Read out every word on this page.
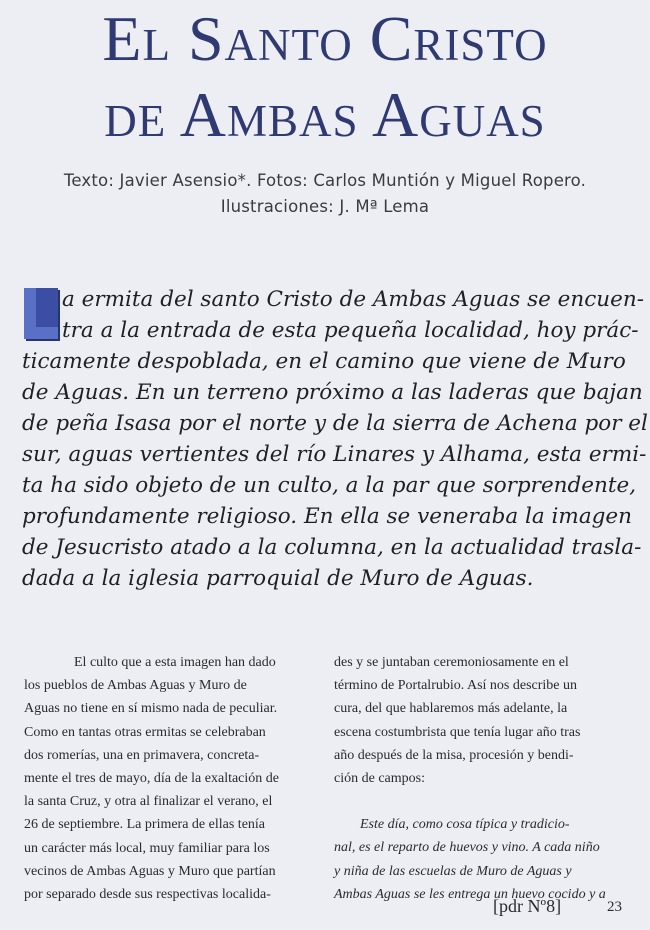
El Santo Cristo
de Ambas Aguas
Texto: Javier Asensio*. Fotos: Carlos Muntión y Miguel Ropero.
Ilustraciones: J. Mª Lema
a ermita del santo Cristo de Ambas Aguas se encuen-
tra a la entrada de esta pequeña localidad, hoy prác-
ticamente despoblada, en el camino que viene de Muro
de Aguas. En un terreno próximo a las laderas que bajan
de peña Isasa por el norte y de la sierra de Achena por el
sur, aguas vertientes del río Linares y Alhama, esta ermi-
ta ha sido objeto de un culto, a la par que sorprendente,
profundamente religioso. En ella se veneraba la imagen
de Jesucristo atado a la columna, en la actualidad trasla-
dada a la iglesia parroquial de Muro de Aguas.
El culto que a esta imagen han dado
los pueblos de Ambas Aguas y Muro de
Aguas no tiene en sí mismo nada de peculiar.
Como en tantas otras ermitas se celebraban
dos romerías, una en primavera, concreta-
mente el tres de mayo, día de la exaltación de
la santa Cruz, y otra al finalizar el verano, el
26 de septiembre. La primera de ellas tenía
un carácter más local, muy familiar para los
vecinos de Ambas Aguas y Muro que partían
por separado desde sus respectivas localida-
des y se juntaban ceremoniosamente en el
término de Portalrubio. Así nos describe un
cura, del que hablaremos más adelante, la
escena costumbrista que tenía lugar año tras
año después de la misa, procesión y bendi-
ción de campos:
Este día, como cosa típica y tradicio-
nal, es el reparto de huevos y vino. A cada niño
y niña de las escuelas de Muro de Aguas y
Ambas Aguas se les entrega un huevo cocido y a
[pdr Nº8]	23
